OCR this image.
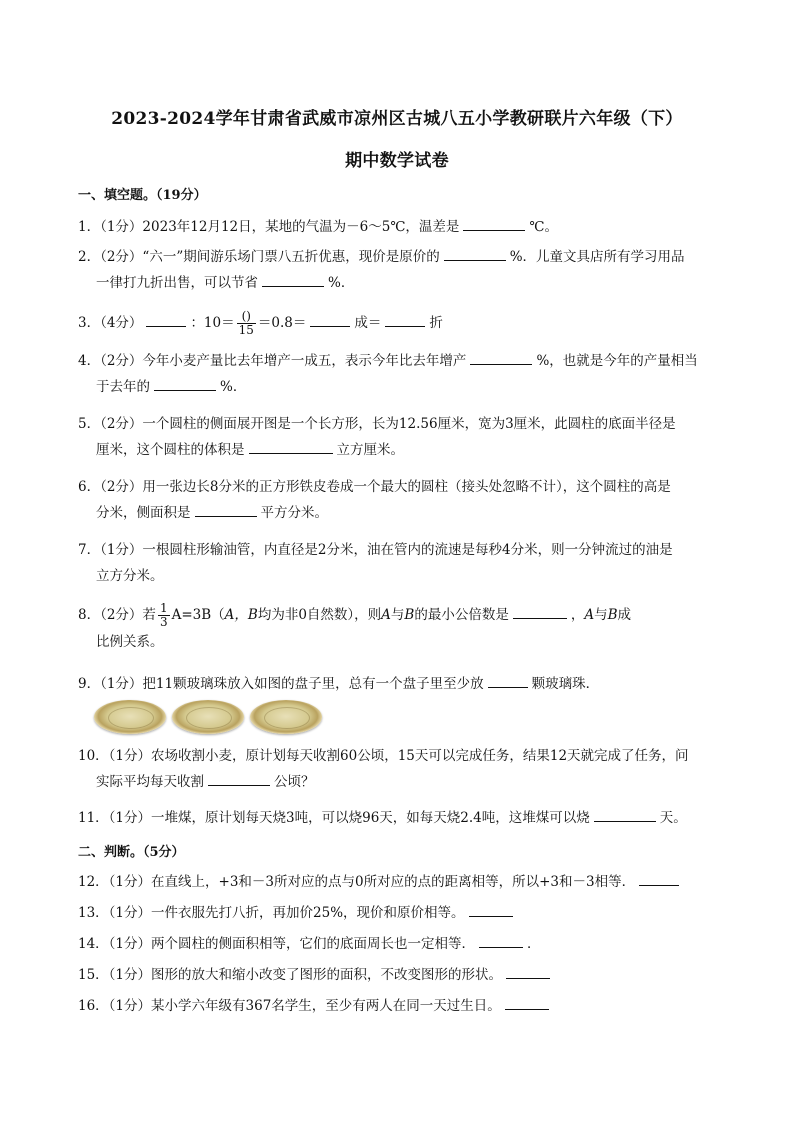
2023-2024学年甘肃省武威市凉州区古城八五小学教研联片六年级（下）
期中数学试卷
一、填空题。（19分）
1．（1分）2023年12月12日，某地的气温为－6～5℃，温差是	℃。
2．（2分）“六一”期间游乐场门票八五折优惠，现价是原价的	%．儿童文具店所有学习用品
一律打九折出售，可以节省	%．
3．（4分）	：$10= \frac{()}{15} =0.8=$	成＝	折
4．（2分）今年小麦产量比去年增产一成五，表示今年比去年增产	%，也就是今年的产量相当
于去年的	%．
5．（2分）一个圆柱的侧面展开图是一个长方形，长为12.56厘米，宽为3厘米，此圆柱的底面半径是
厘米，这个圆柱的体积是	立方厘米。
6．（2分）用一张边长8分米的正方形铁皮卷成一个最大的圆柱（接头处忽略不计），这个圆柱的高是
分米，侧面积是	平方分米。
7．（1分）一根圆柱形输油管，内直径是2分米，油在管内的流速是每秒4分米，则一分钟流过的油是
立方分米。
8．（2分）若 $\frac{1}{3} A=3B(A$，B均为非0自然数），则A与B的最小公倍数是	，A与B成
比例关系。
9．（1分）把11颗玻璃珠放入如图的盘子里，总有一个盘子里至少放	颗玻璃珠．
10．（1分）农场收割小麦，原计划每天收割60公顷，15天可以完成任务，结果12天就完成了任务，问
实际平均每天收割	公顷？
11．（1分）一堆煤，原计划每天烧3吨，可以烧96天，如每天烧2.4吨，这堆煤可以烧	天。
二、判断。（5分）
12．（1分）在直线上，+3和－3所对应的点与0所对应的点的距离相等，所以+3和－3相等．
13．（1分）一件衣服先打八折，再加价25%，现价和原价相等。
14．（1分）两个圆柱的侧面积相等，它们的底面周长也一定相等．	．
15．（1分）图形的放大和缩小改变了图形的面积，不改变图形的形状。
16．（1分）某小学六年级有367名学生，至少有两人在同一天过生日。
